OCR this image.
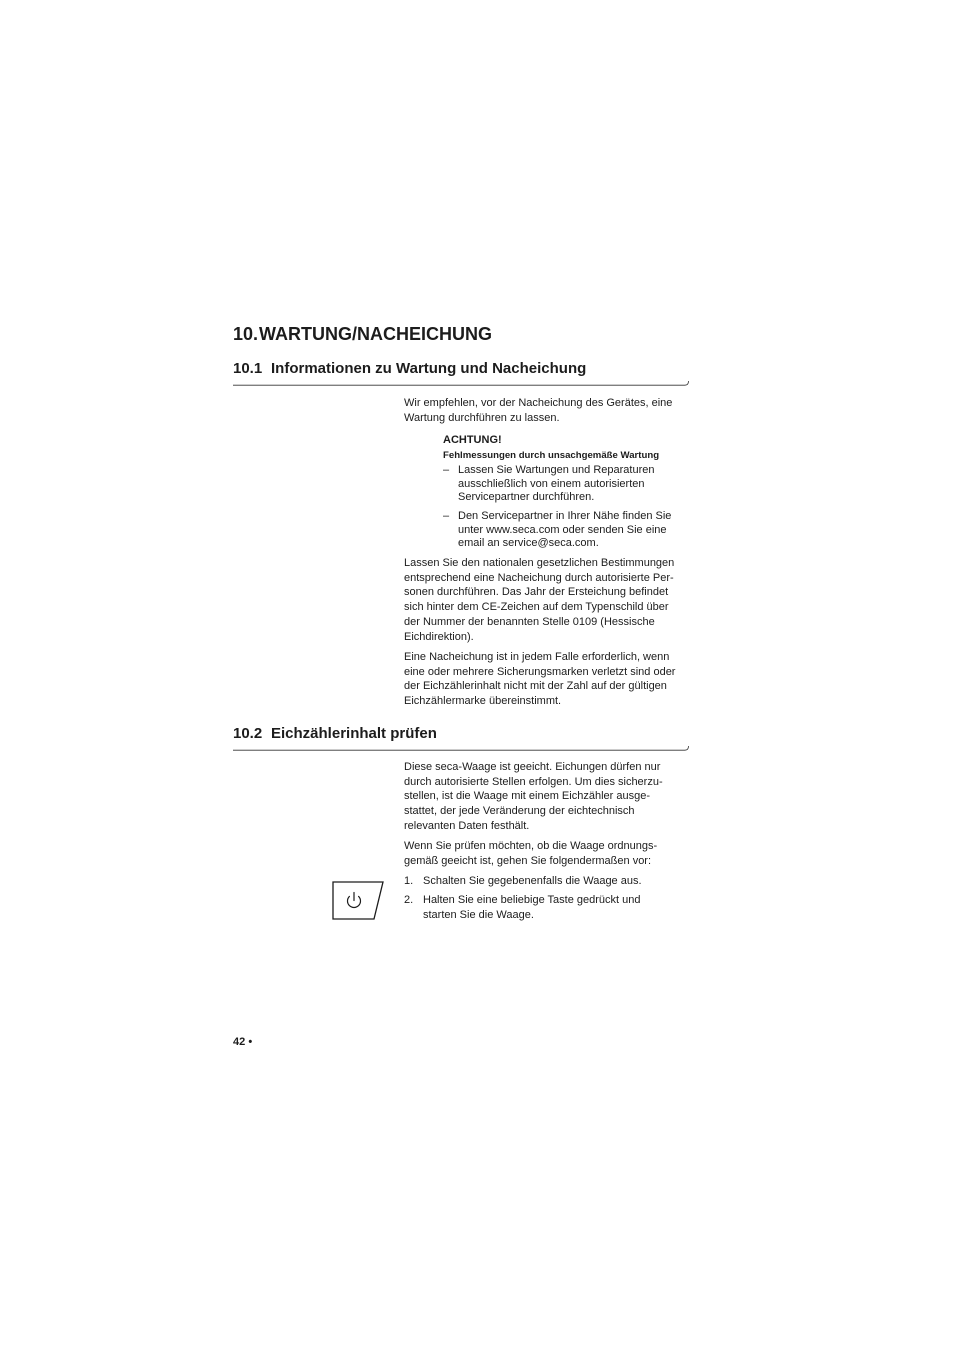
10.WARTUNG/NACHEICHUNG
10.1 Informationen zu Wartung und Nacheichung
Wir empfehlen, vor der Nacheichung des Gerätes, eine
Wartung durchführen zu lassen.
ACHTUNG!
Fehlmessungen durch unsachgemäße Wartung
– Lassen Sie Wartungen und Reparaturen
ausschließlich von einem autorisierten
Servicepartner durchführen.
– Den Servicepartner in Ihrer Nähe finden Sie
unter www.seca.com oder senden Sie eine
email an service@seca.com.
Lassen Sie den nationalen gesetzlichen Bestimmungen
entsprechend eine Nacheichung durch autorisierte Per-
sonen durchführen. Das Jahr der Ersteichung befindet
sich hinter dem CE-Zeichen auf dem Typenschild über
der Nummer der benannten Stelle 0109 (Hessische
Eichdirektion).
Eine Nacheichung ist in jedem Falle erforderlich, wenn
eine oder mehrere Sicherungsmarken verletzt sind oder
der Eichzählerinhalt nicht mit der Zahl auf der gültigen
Eichzählermarke übereinstimmt.
10.2 Eichzählerinhalt prüfen
Diese seca-Waage ist geeicht. Eichungen dürfen nur
durch autorisierte Stellen erfolgen. Um dies sicherzu-
stellen, ist die Waage mit einem Eichzähler ausge-
stattet, der jede Veränderung der eichtechnisch
relevanten Daten festhält.
Wenn Sie prüfen möchten, ob die Waage ordnungs-
gemäß geeicht ist, gehen Sie folgendermaßen vor:
1. Schalten Sie gegebenenfalls die Waage aus.
2. Halten Sie eine beliebige Taste gedrückt und
starten Sie die Waage.
42 •
